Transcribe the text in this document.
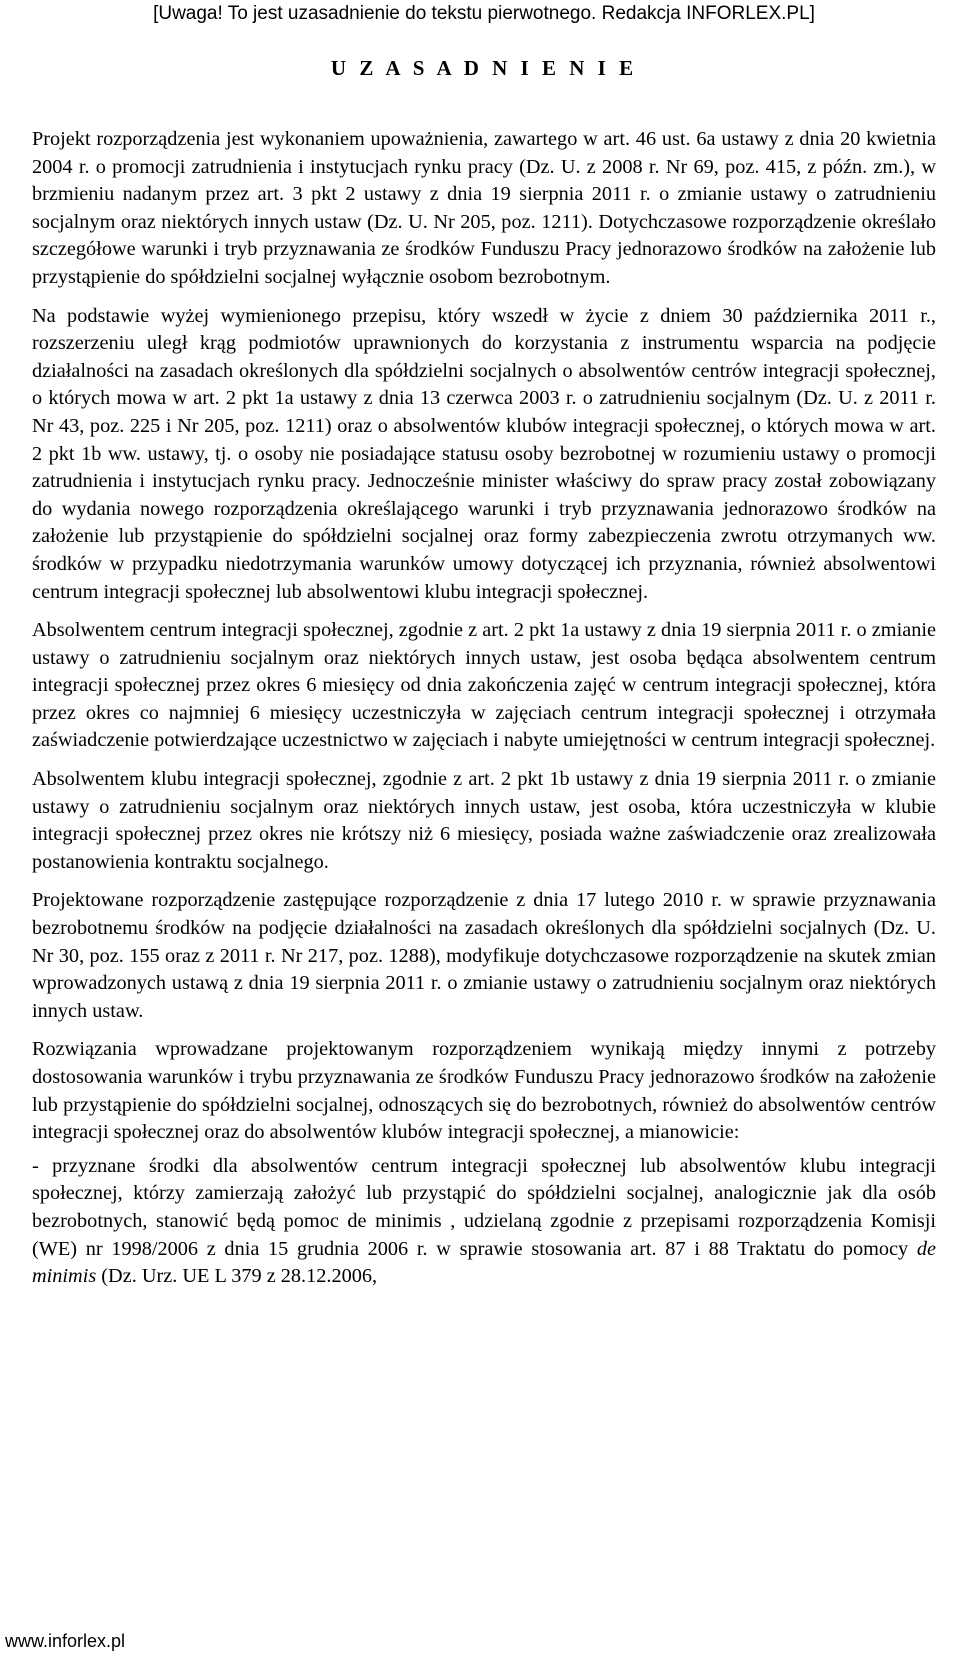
[Uwaga! To jest uzasadnienie do tekstu pierwotnego. Redakcja INFORLEX.PL]
U Z A S A D N I E N I E

Projekt rozporządzenia jest wykonaniem upoważnienia, zawartego w art. 46 ust. 6a ustawy z dnia 20 kwietnia 2004 r. o promocji zatrudnienia i instytucjach rynku pracy (Dz. U. z 2008 r. Nr 69, poz. 415, z późn. zm.), w brzmieniu nadanym przez art. 3 pkt 2 ustawy z dnia 19 sierpnia 2011 r. o zmianie ustawy o zatrudnieniu socjalnym oraz niektórych innych ustaw (Dz. U. Nr 205, poz. 1211). Dotychczasowe rozporządzenie określało szczegółowe warunki i tryb przyznawania ze środków Funduszu Pracy jednorazowo środków na założenie lub przystąpienie do spółdzielni socjalnej wyłącznie osobom bezrobotnym.

Na podstawie wyżej wymienionego przepisu, który wszedł w życie z dniem 30 października 2011 r., rozszerzeniu uległ krąg podmiotów uprawnionych do korzystania z instrumentu wsparcia na podjęcie działalności na zasadach określonych dla spółdzielni socjalnych o absolwentów centrów integracji społecznej, o których mowa w art. 2 pkt 1a ustawy z dnia 13 czerwca 2003 r. o zatrudnieniu socjalnym (Dz. U. z 2011 r. Nr 43, poz. 225 i Nr 205, poz. 1211) oraz o absolwentów klubów integracji społecznej, o których mowa w art. 2 pkt 1b ww. ustawy, tj. o osoby nie posiadające statusu osoby bezrobotnej w rozumieniu ustawy o promocji zatrudnienia i instytucjach rynku pracy. Jednocześnie minister właściwy do spraw pracy został zobowiązany do wydania nowego rozporządzenia określającego warunki i tryb przyznawania jednorazowo środków na założenie lub przystąpienie do spółdzielni socjalnej oraz formy zabezpieczenia zwrotu otrzymanych ww. środków w przypadku niedotrzymania warunków umowy dotyczącej ich przyznania, również absolwentowi centrum integracji społecznej lub absolwentowi klubu integracji społecznej.

Absolwentem centrum integracji społecznej, zgodnie z art. 2 pkt 1a ustawy z dnia 19 sierpnia 2011 r. o zmianie ustawy o zatrudnieniu socjalnym oraz niektórych innych ustaw, jest osoba będąca absolwentem centrum integracji społecznej przez okres 6 miesięcy od dnia zakończenia zajęć w centrum integracji społecznej, która przez okres co najmniej 6 miesięcy uczestniczyła w zajęciach centrum integracji społecznej i otrzymała zaświadczenie potwierdzające uczestnictwo w zajęciach i nabyte umiejętności w centrum integracji społecznej.

Absolwentem klubu integracji społecznej, zgodnie z art. 2 pkt 1b ustawy z dnia 19 sierpnia 2011 r. o zmianie ustawy o zatrudnieniu socjalnym oraz niektórych innych ustaw, jest osoba, która uczestniczyła w klubie integracji społecznej przez okres nie krótszy niż 6 miesięcy, posiada ważne zaświadczenie oraz zrealizowała postanowienia kontraktu socjalnego.

Projektowane rozporządzenie zastępujące rozporządzenie z dnia 17 lutego 2010 r. w sprawie przyznawania bezrobotnemu środków na podjęcie działalności na zasadach określonych dla spółdzielni socjalnych (Dz. U. Nr 30, poz. 155 oraz z 2011 r. Nr 217, poz. 1288), modyfikuje dotychczasowe rozporządzenie na skutek zmian wprowadzonych ustawą z dnia 19 sierpnia 2011 r. o zmianie ustawy o zatrudnieniu socjalnym oraz niektórych innych ustaw.

Rozwiązania wprowadzane projektowanym rozporządzeniem wynikają między innymi z potrzeby dostosowania warunków i trybu przyznawania ze środków Funduszu Pracy jednorazowo środków na założenie lub przystąpienie do spółdzielni socjalnej, odnoszących się do bezrobotnych, również do absolwentów centrów integracji społecznej oraz do absolwentów klubów integracji społecznej, a mianowicie:

- przyznane środki dla absolwentów centrum integracji społecznej lub absolwentów klubu integracji społecznej, którzy zamierzają założyć lub przystąpić do spółdzielni socjalnej, analogicznie jak dla osób bezrobotnych, stanowić będą pomoc de minimis , udzielaną zgodnie z przepisami rozporządzenia Komisji (WE) nr 1998/2006 z dnia 15 grudnia 2006 r. w sprawie stosowania art. 87 i 88 Traktatu do pomocy de minimis (Dz. Urz. UE L 379 z 28.12.2006,

www.inforlex.pl
